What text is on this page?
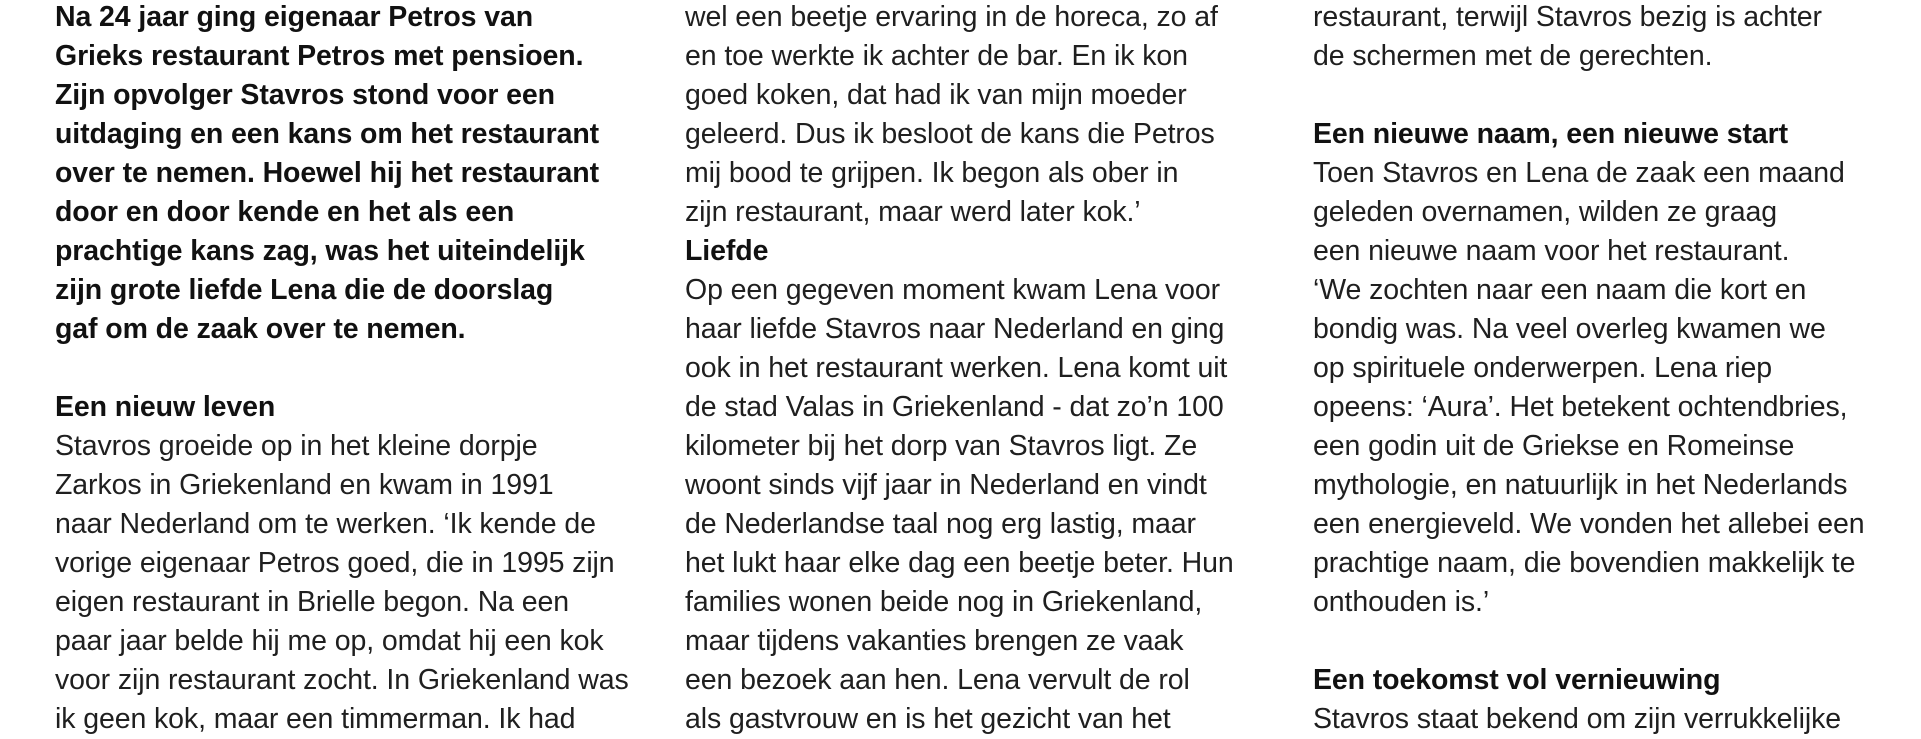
Na 24 jaar ging eigenaar Petros van
Grieks restaurant Petros met pensioen.
Zijn opvolger Stavros stond voor een
uitdaging en een kans om het restaurant
over te nemen. Hoewel hij het restaurant
door en door kende en het als een
prachtige kans zag, was het uiteindelijk
zijn grote liefde Lena die de doorslag
gaf om de zaak over te nemen.
Een nieuw leven
Stavros groeide op in het kleine dorpje
Zarkos in Griekenland en kwam in 1991
naar Nederland om te werken. ‘Ik kende de
vorige eigenaar Petros goed, die in 1995 zijn
eigen restaurant in Brielle begon. Na een
paar jaar belde hij me op, omdat hij een kok
voor zijn restaurant zocht. In Griekenland was
ik geen kok, maar een timmerman. Ik had
wel een beetje ervaring in de horeca, zo af
en toe werkte ik achter de bar. En ik kon
goed koken, dat had ik van mijn moeder
geleerd. Dus ik besloot de kans die Petros
mij bood te grijpen. Ik begon als ober in
zijn restaurant, maar werd later kok.’
Liefde
Op een gegeven moment kwam Lena voor
haar liefde Stavros naar Nederland en ging
ook in het restaurant werken. Lena komt uit
de stad Valas in Griekenland - dat zo’n 100
kilometer bij het dorp van Stavros ligt. Ze
woont sinds vijf jaar in Nederland en vindt
de Nederlandse taal nog erg lastig, maar
het lukt haar elke dag een beetje beter. Hun
families wonen beide nog in Griekenland,
maar tijdens vakanties brengen ze vaak
een bezoek aan hen. Lena vervult de rol
als gastvrouw en is het gezicht van het
restaurant, terwijl Stavros bezig is achter
de schermen met de gerechten.
Een nieuwe naam, een nieuwe start
Toen Stavros en Lena de zaak een maand
geleden overnamen, wilden ze graag
een nieuwe naam voor het restaurant.
‘We zochten naar een naam die kort en
bondig was. Na veel overleg kwamen we
op spirituele onderwerpen. Lena riep
opeens: ‘Aura’. Het betekent ochtendbries,
een godin uit de Griekse en Romeinse
mythologie, en natuurlijk in het Nederlands
een energieveld. We vonden het allebei een
prachtige naam, die bovendien makkelijk te
onthouden is.’
Een toekomst vol vernieuwing
Stavros staat bekend om zijn verrukkelijke
